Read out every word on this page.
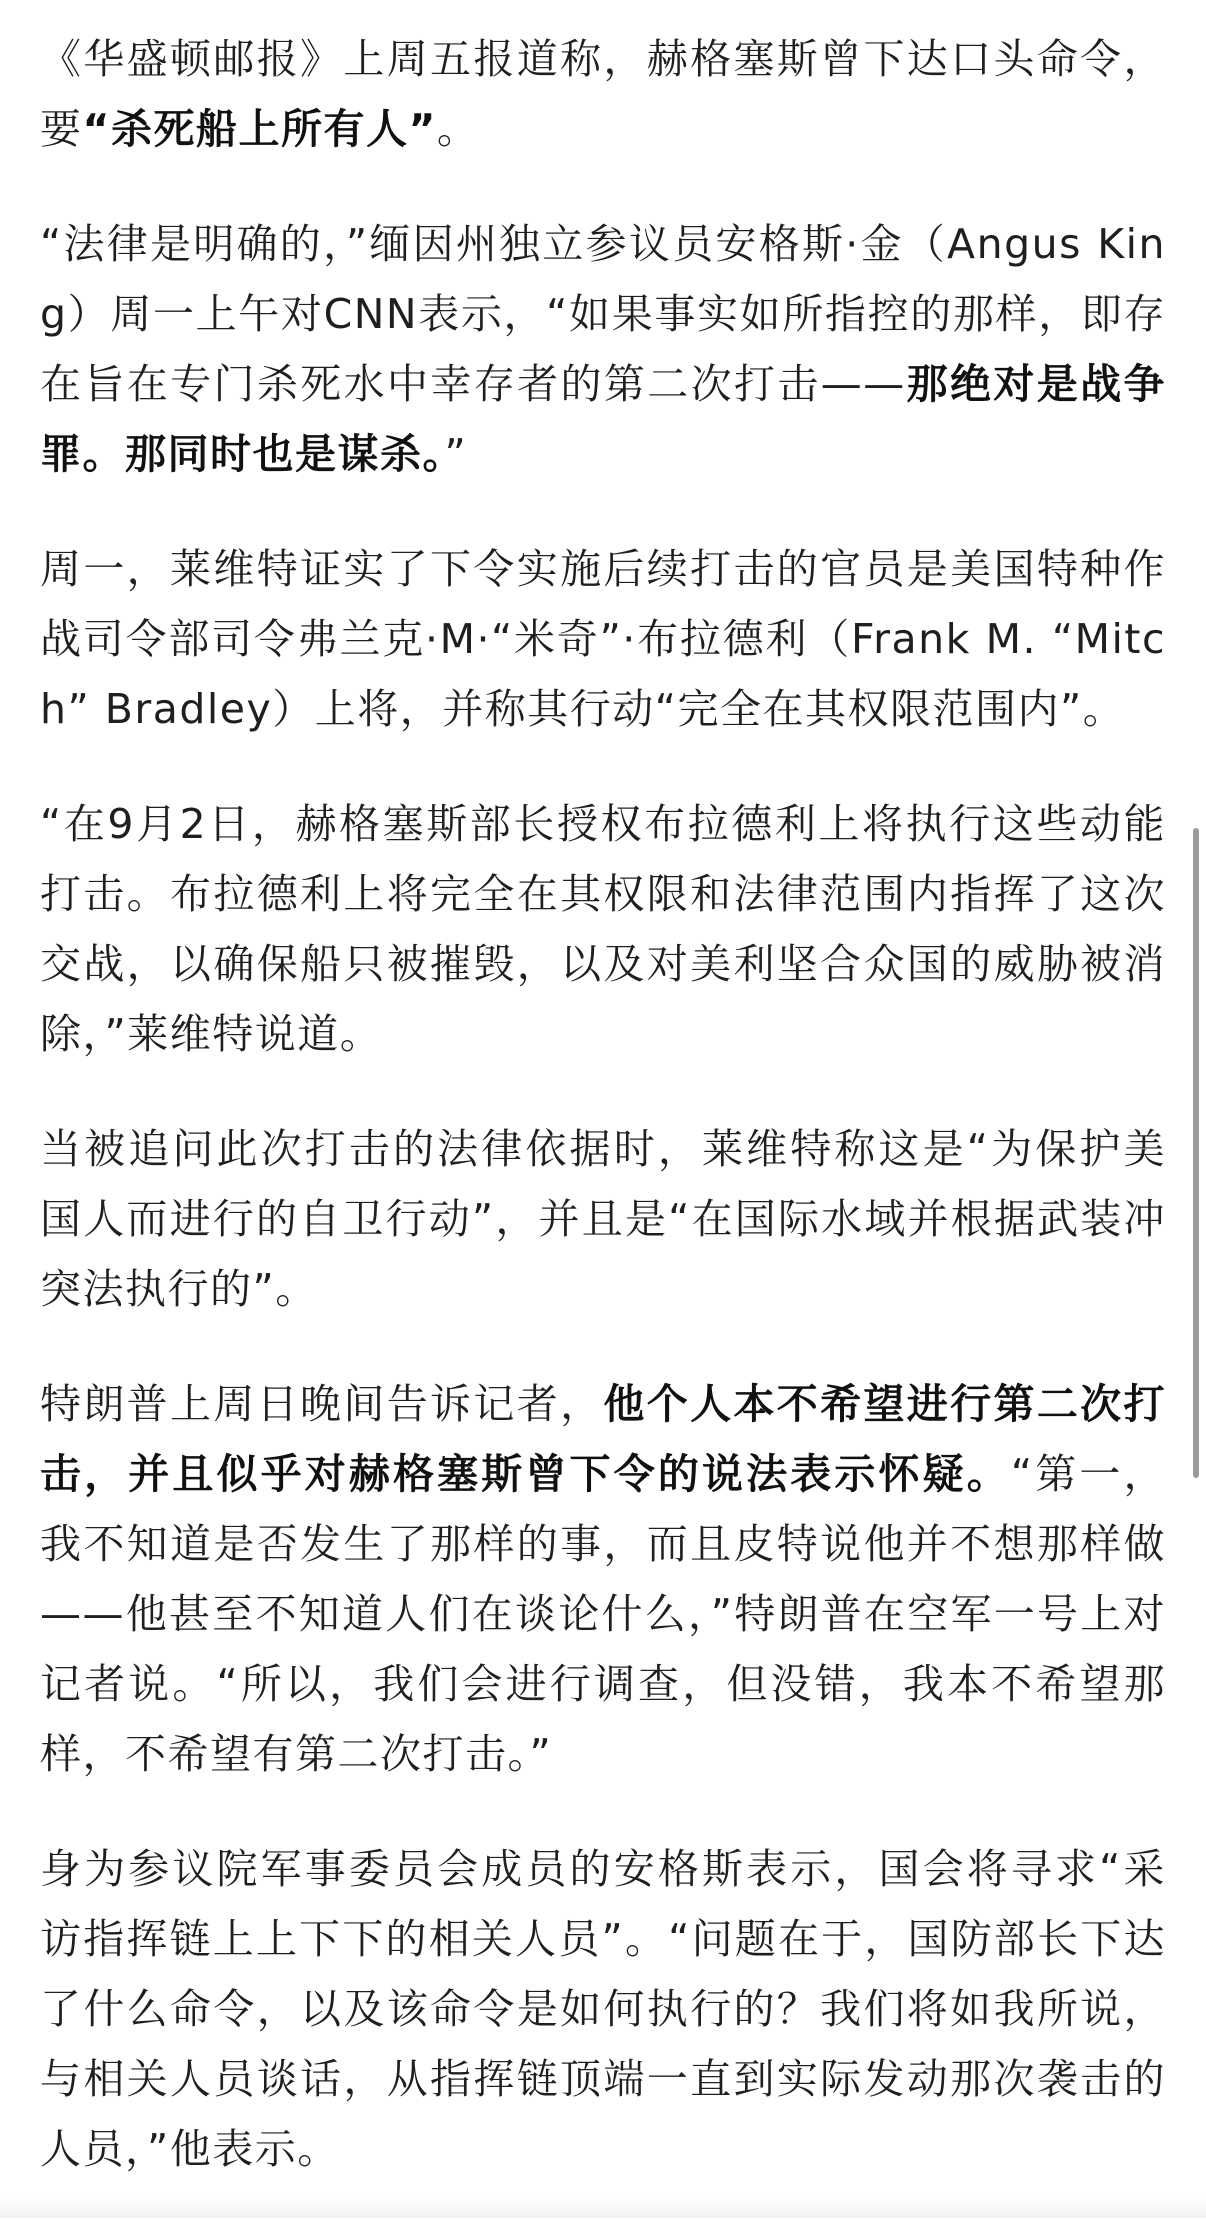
《华盛顿邮报》上周五报道称，赫格塞斯曾下达口头命令，要“杀死船上所有人”。

“法律是明确的，”缅因州独立参议员安格斯·金（Angus King）周一上午对CNN表示，“如果事实如所指控的那样，即存在旨在专门杀死水中幸存者的第二次打击——那绝对是战争罪。那同时也是谋杀。”

周一，莱维特证实了下令实施后续打击的官员是美国特种作战司令部司令弗兰克·M·“米奇”·布拉德利（Frank M. “Mitch” Bradley）上将，并称其行动“完全在其权限范围内”。

“在9月2日，赫格塞斯部长授权布拉德利上将执行这些动能打击。布拉德利上将完全在其权限和法律范围内指挥了这次交战，以确保船只被摧毁，以及对美利坚合众国的威胁被消除，”莱维特说道。

当被追问此次打击的法律依据时，莱维特称这是“为保护美国人而进行的自卫行动”，并且是“在国际水域并根据武装冲突法执行的”。

特朗普上周日晚间告诉记者，他个人本不希望进行第二次打击，并且似乎对赫格塞斯曾下令的说法表示怀疑。“第一，我不知道是否发生了那样的事，而且皮特说他并不想那样做——他甚至不知道人们在谈论什么，”特朗普在空军一号上对记者说。“所以，我们会进行调查，但没错，我本不希望那样，不希望有第二次打击。”

身为参议院军事委员会成员的安格斯表示，国会将寻求“采访指挥链上上下下的相关人员”。“问题在于，国防部长下达了什么命令，以及该命令是如何执行的？我们将如我所说，与相关人员谈话，从指挥链顶端一直到实际发动那次袭击的人员，”他表示。
